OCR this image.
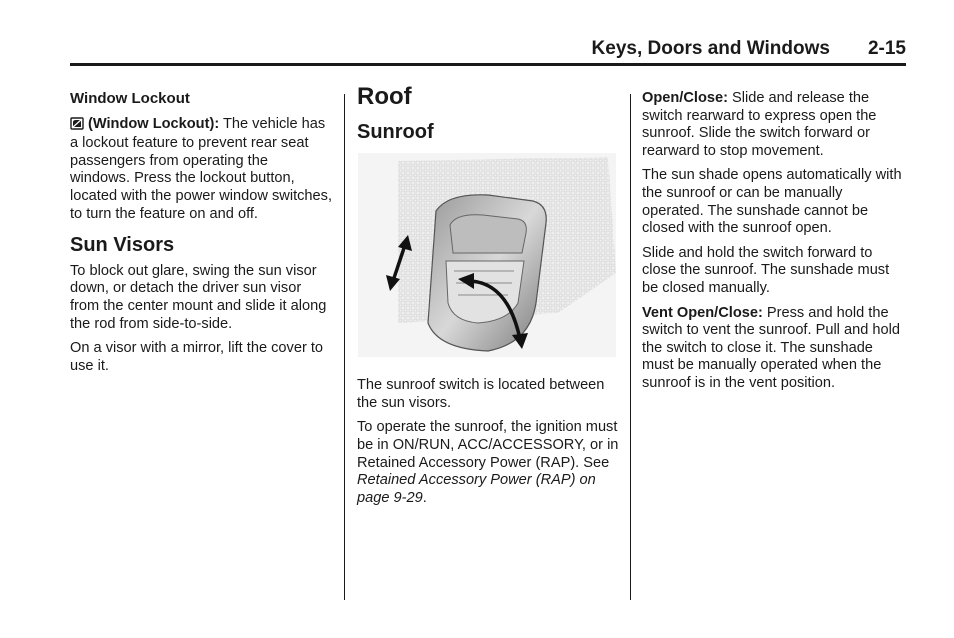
Keys, Doors and Windows 2-15
Window Lockout

(Window Lockout): The vehicle has a lockout feature to prevent rear seat passengers from operating the windows. Press the lockout button, located with the power window switches, to turn the feature on and off.

Sun Visors

To block out glare, swing the sun visor down, or detach the driver sun visor from the center mount and slide it along the rod from side-to-side.

On a visor with a mirror, lift the cover to use it.

Roof
Sunroof

The sunroof switch is located between the sun visors.

To operate the sunroof, the ignition must be in ON/RUN, ACC/ACCESSORY, or in Retained Accessory Power (RAP). See Retained Accessory Power (RAP) on page 9-29.

Open/Close: Slide and release the switch rearward to express open the sunroof. Slide the switch forward or rearward to stop movement.

The sun shade opens automatically with the sunroof or can be manually operated. The sunshade cannot be closed with the sunroof open.

Slide and hold the switch forward to close the sunroof. The sunshade must be closed manually.

Vent Open/Close: Press and hold the switch to vent the sunroof. Pull and hold the switch to close it. The sunshade must be manually operated when the sunroof is in the vent position.
